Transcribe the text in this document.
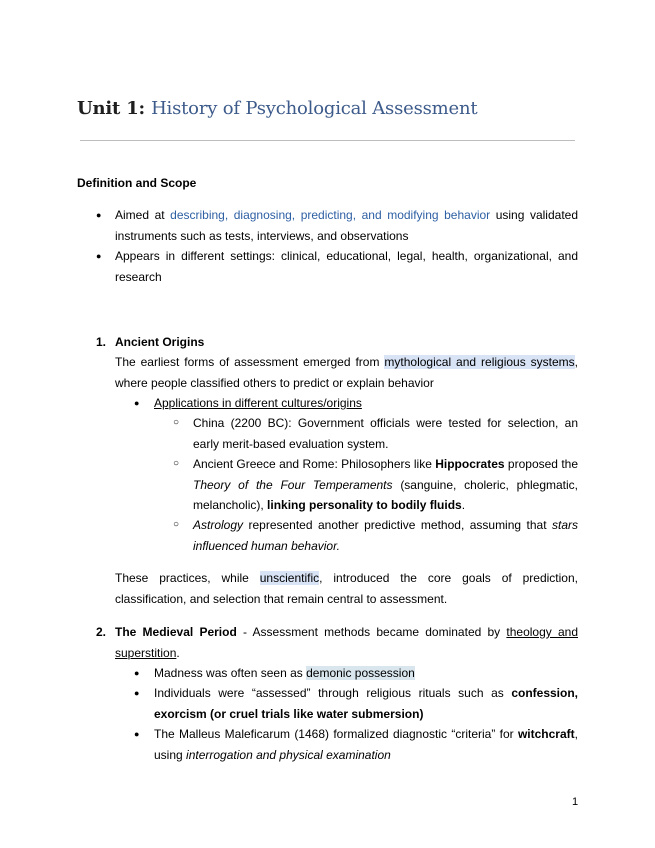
Unit 1: History of Psychological Assessment
Definition and Scope
● Aimed at describing, diagnosing, predicting, and modifying behavior using validated instruments such as tests, interviews, and observations
● Appears in different settings: clinical, educational, legal, health, organizational, and research
1. Ancient Origins
The earliest forms of assessment emerged from mythological and religious systems, where people classified others to predict or explain behavior
● Applications in different cultures/origins
○ China (2200 BC): Government officials were tested for selection, an early merit-based evaluation system.
○ Ancient Greece and Rome: Philosophers like Hippocrates proposed the Theory of the Four Temperaments (sanguine, choleric, phlegmatic, melancholic), linking personality to bodily fluids.
○ Astrology represented another predictive method, assuming that stars influenced human behavior.
These practices, while unscientific, introduced the core goals of prediction, classification, and selection that remain central to assessment.
2. The Medieval Period - Assessment methods became dominated by theology and superstition.
● Madness was often seen as demonic possession
● Individuals were “assessed” through religious rituals such as confession, exorcism (or cruel trials like water submersion)
● The Malleus Maleficarum (1468) formalized diagnostic “criteria” for witchcraft, using interrogation and physical examination
1
